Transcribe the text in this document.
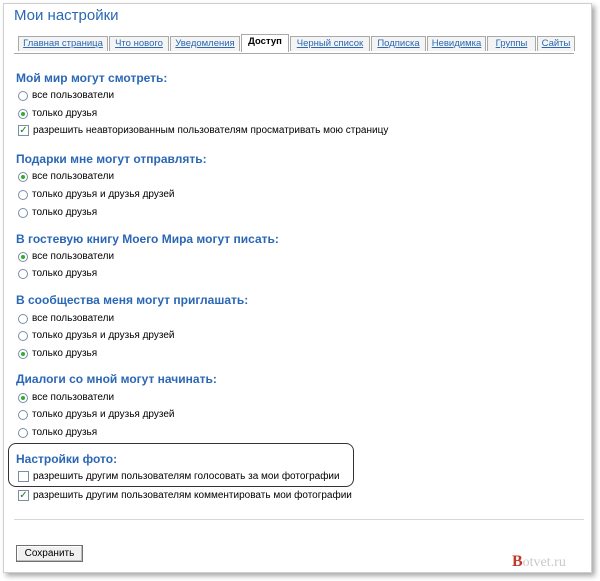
Мои настройки
Главная страница	Что нового	Уведомления	Доступ	Черный список	Подписка	Невидимка	Группы	Сайты
Мой мир могут смотреть:
все пользователи
только друзья
✓ разрешить неавторизованным пользователям просматривать мою страницу
Подарки мне могут отправлять:
все пользователи
только друзья и друзья друзей
только друзья
В гостевую книгу Моего Мира могут писать:
все пользователи
только друзья
В сообщества меня могут приглашать:
все пользователи
только друзья и друзья друзей
только друзья
Диалоги со мной могут начинать:
все пользователи
только друзья и друзья друзей
только друзья
Настройки фото:
разрешить другим пользователям голосовать за мои фотографии
✓ разрешить другим пользователям комментировать мои фотографии
Сохранить	Botvet.ru
